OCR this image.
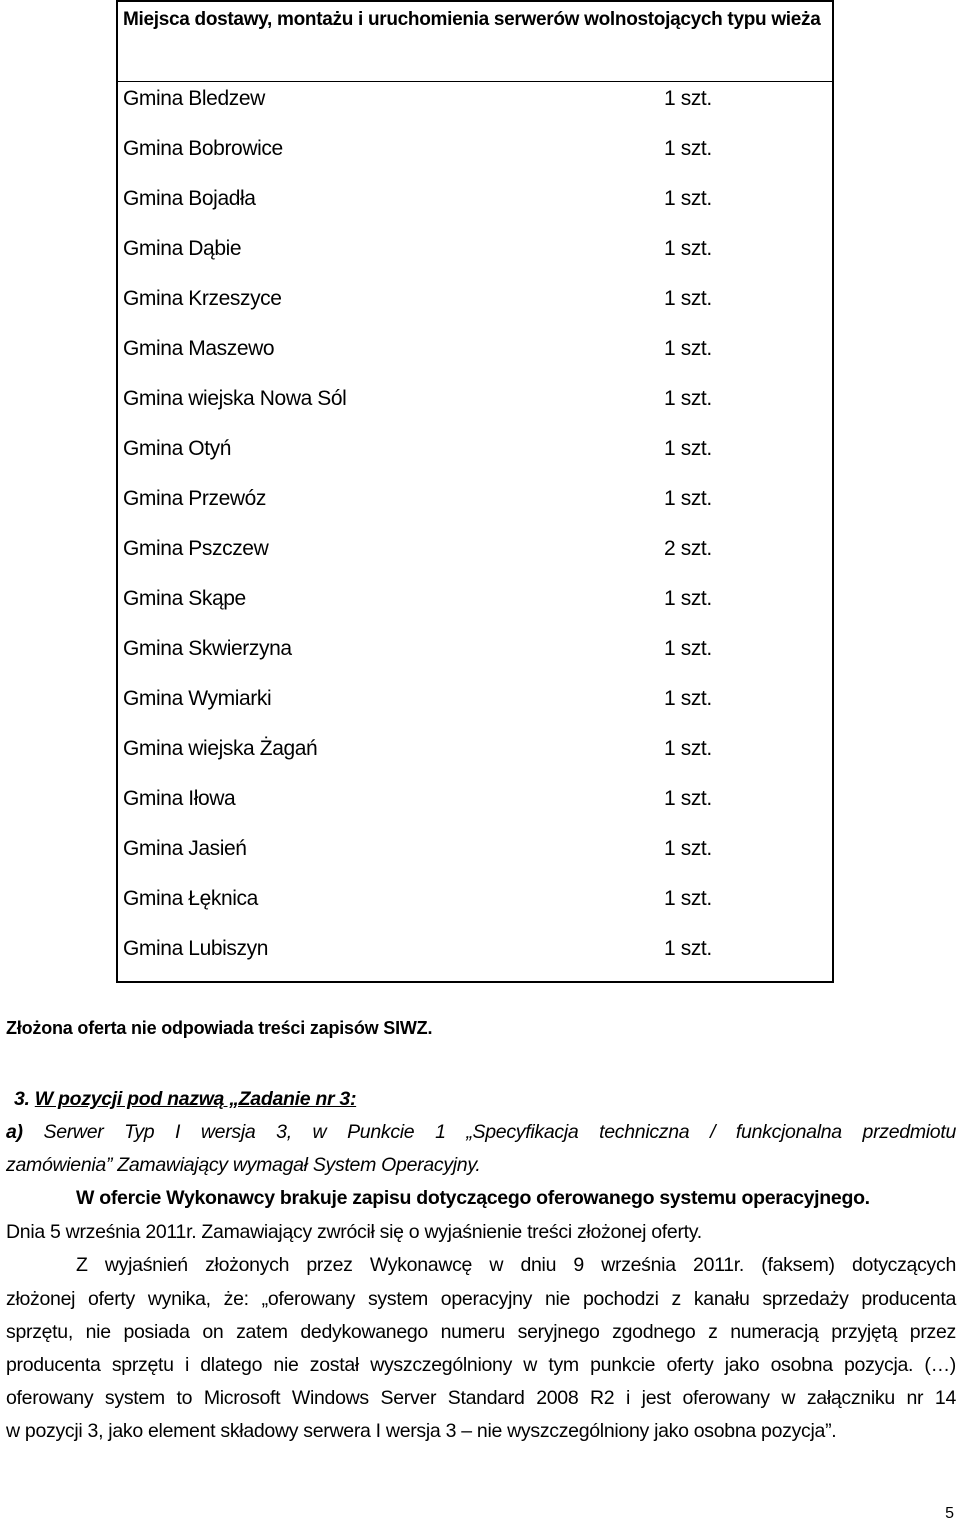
Miejsca dostawy, montażu i uruchomienia serwerów wolnostojących typu wieża
Gmina Bledzew	1 szt.
Gmina Bobrowice	1 szt.
Gmina Bojadła	1 szt.
Gmina Dąbie	1 szt.
Gmina Krzeszyce	1 szt.
Gmina Maszewo	1 szt.
Gmina wiejska Nowa Sól	1 szt.
Gmina Otyń	1 szt.
Gmina Przewóz	1 szt.
Gmina Pszczew	2 szt.
Gmina Skąpe	1 szt.
Gmina Skwierzyna	1 szt.
Gmina Wymiarki	1 szt.
Gmina wiejska Żagań	1 szt.
Gmina Iłowa	1 szt.
Gmina Jasień	1 szt.
Gmina Łęknica	1 szt.
Gmina Lubiszyn	1 szt.
Złożona oferta nie odpowiada treści zapisów SIWZ.
3. W pozycji pod nazwą „Zadanie nr 3:
a) Serwer Typ I wersja 3, w Punkcie 1 „Specyfikacja techniczna / funkcjonalna przedmiotu
zamówienia” Zamawiający wymagał System Operacyjny.
W ofercie Wykonawcy brakuje zapisu dotyczącego oferowanego systemu operacyjnego.
Dnia 5 września 2011r. Zamawiający zwrócił się o wyjaśnienie treści złożonej oferty.
Z wyjaśnień złożonych przez Wykonawcę w dniu 9 września 2011r. (faksem) dotyczących
złożonej oferty wynika, że: „oferowany system operacyjny nie pochodzi z kanału sprzedaży producenta
sprzętu, nie posiada on zatem dedykowanego numeru seryjnego zgodnego z numeracją przyjętą przez
producenta sprzętu i dlatego nie został wyszczególniony w tym punkcie oferty jako osobna pozycja. (…)
oferowany system to Microsoft Windows Server Standard 2008 R2 i jest oferowany w załączniku nr 14
w pozycji 3, jako element składowy serwera I wersja 3 – nie wyszczególniony jako osobna pozycja”.
5
